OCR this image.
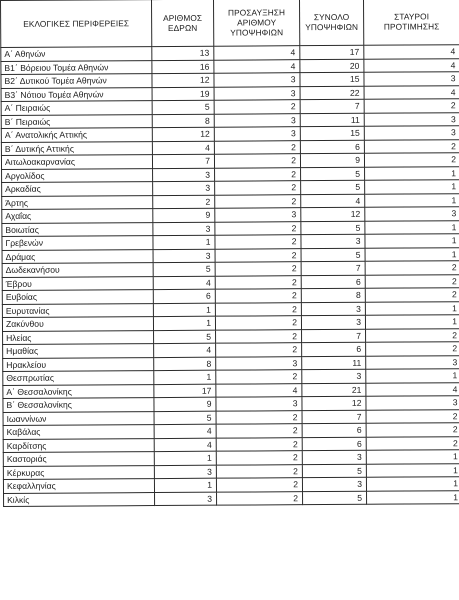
ΕΚΛΟΓΙΚΕΣ ΠΕΡΙΦΕΡΕΙΕΣ	ΑΡΙΘΜΟΣ ΕΔΡΩΝ	ΠΡΟΣΑΥΞΗΣΗ ΑΡΙΘΜΟΥ ΥΠΟΨΗΦΙΩΝ	ΣΥΝΟΛΟ ΥΠΟΨΗΦΙΩΝ	ΣΤΑΥΡΟΙ ΠΡΟΤΙΜΗΣΗΣ
Α΄ Αθηνών	13	4	17	4
Β1΄ Βόρειου Τομέα Αθηνών	16	4	20	4
Β2΄ Δυτικού Τομέα Αθηνών	12	3	15	3
Β3΄ Νότιου Τομέα Αθηνών	19	3	22	4
Α΄ Πειραιώς	5	2	7	2
Β΄ Πειραιώς	8	3	11	3
Α΄ Ανατολικής Αττικής	12	3	15	3
Β΄ Δυτικής Αττικής	4	2	6	2
Αιτωλοακαρνανίας	7	2	9	2
Αργολίδος	3	2	5	1
Αρκαδίας	3	2	5	1
Άρτης	2	2	4	1
Αχαΐας	9	3	12	3
Βοιωτίας	3	2	5	1
Γρεβενών	1	2	3	1
Δράμας	3	2	5	1
Δωδεκανήσου	5	2	7	2
Έβρου	4	2	6	2
Ευβοίας	6	2	8	2
Ευρυτανίας	1	2	3	1
Ζακύνθου	1	2	3	1
Ηλείας	5	2	7	2
Ημαθίας	4	2	6	2
Ηρακλείου	8	3	11	3
Θεσπρωτίας	1	2	3	1
Α΄ Θεσσαλονίκης	17	4	21	4
Β΄ Θεσσαλονίκης	9	3	12	3
Ιωαννίνων	5	2	7	2
Καβάλας	4	2	6	2
Καρδίτσης	4	2	6	2
Καστοριάς	1	2	3	1
Κέρκυρας	3	2	5	1
Κεφαλληνίας	1	2	3	1
Κιλκίς	3	2	5	1
